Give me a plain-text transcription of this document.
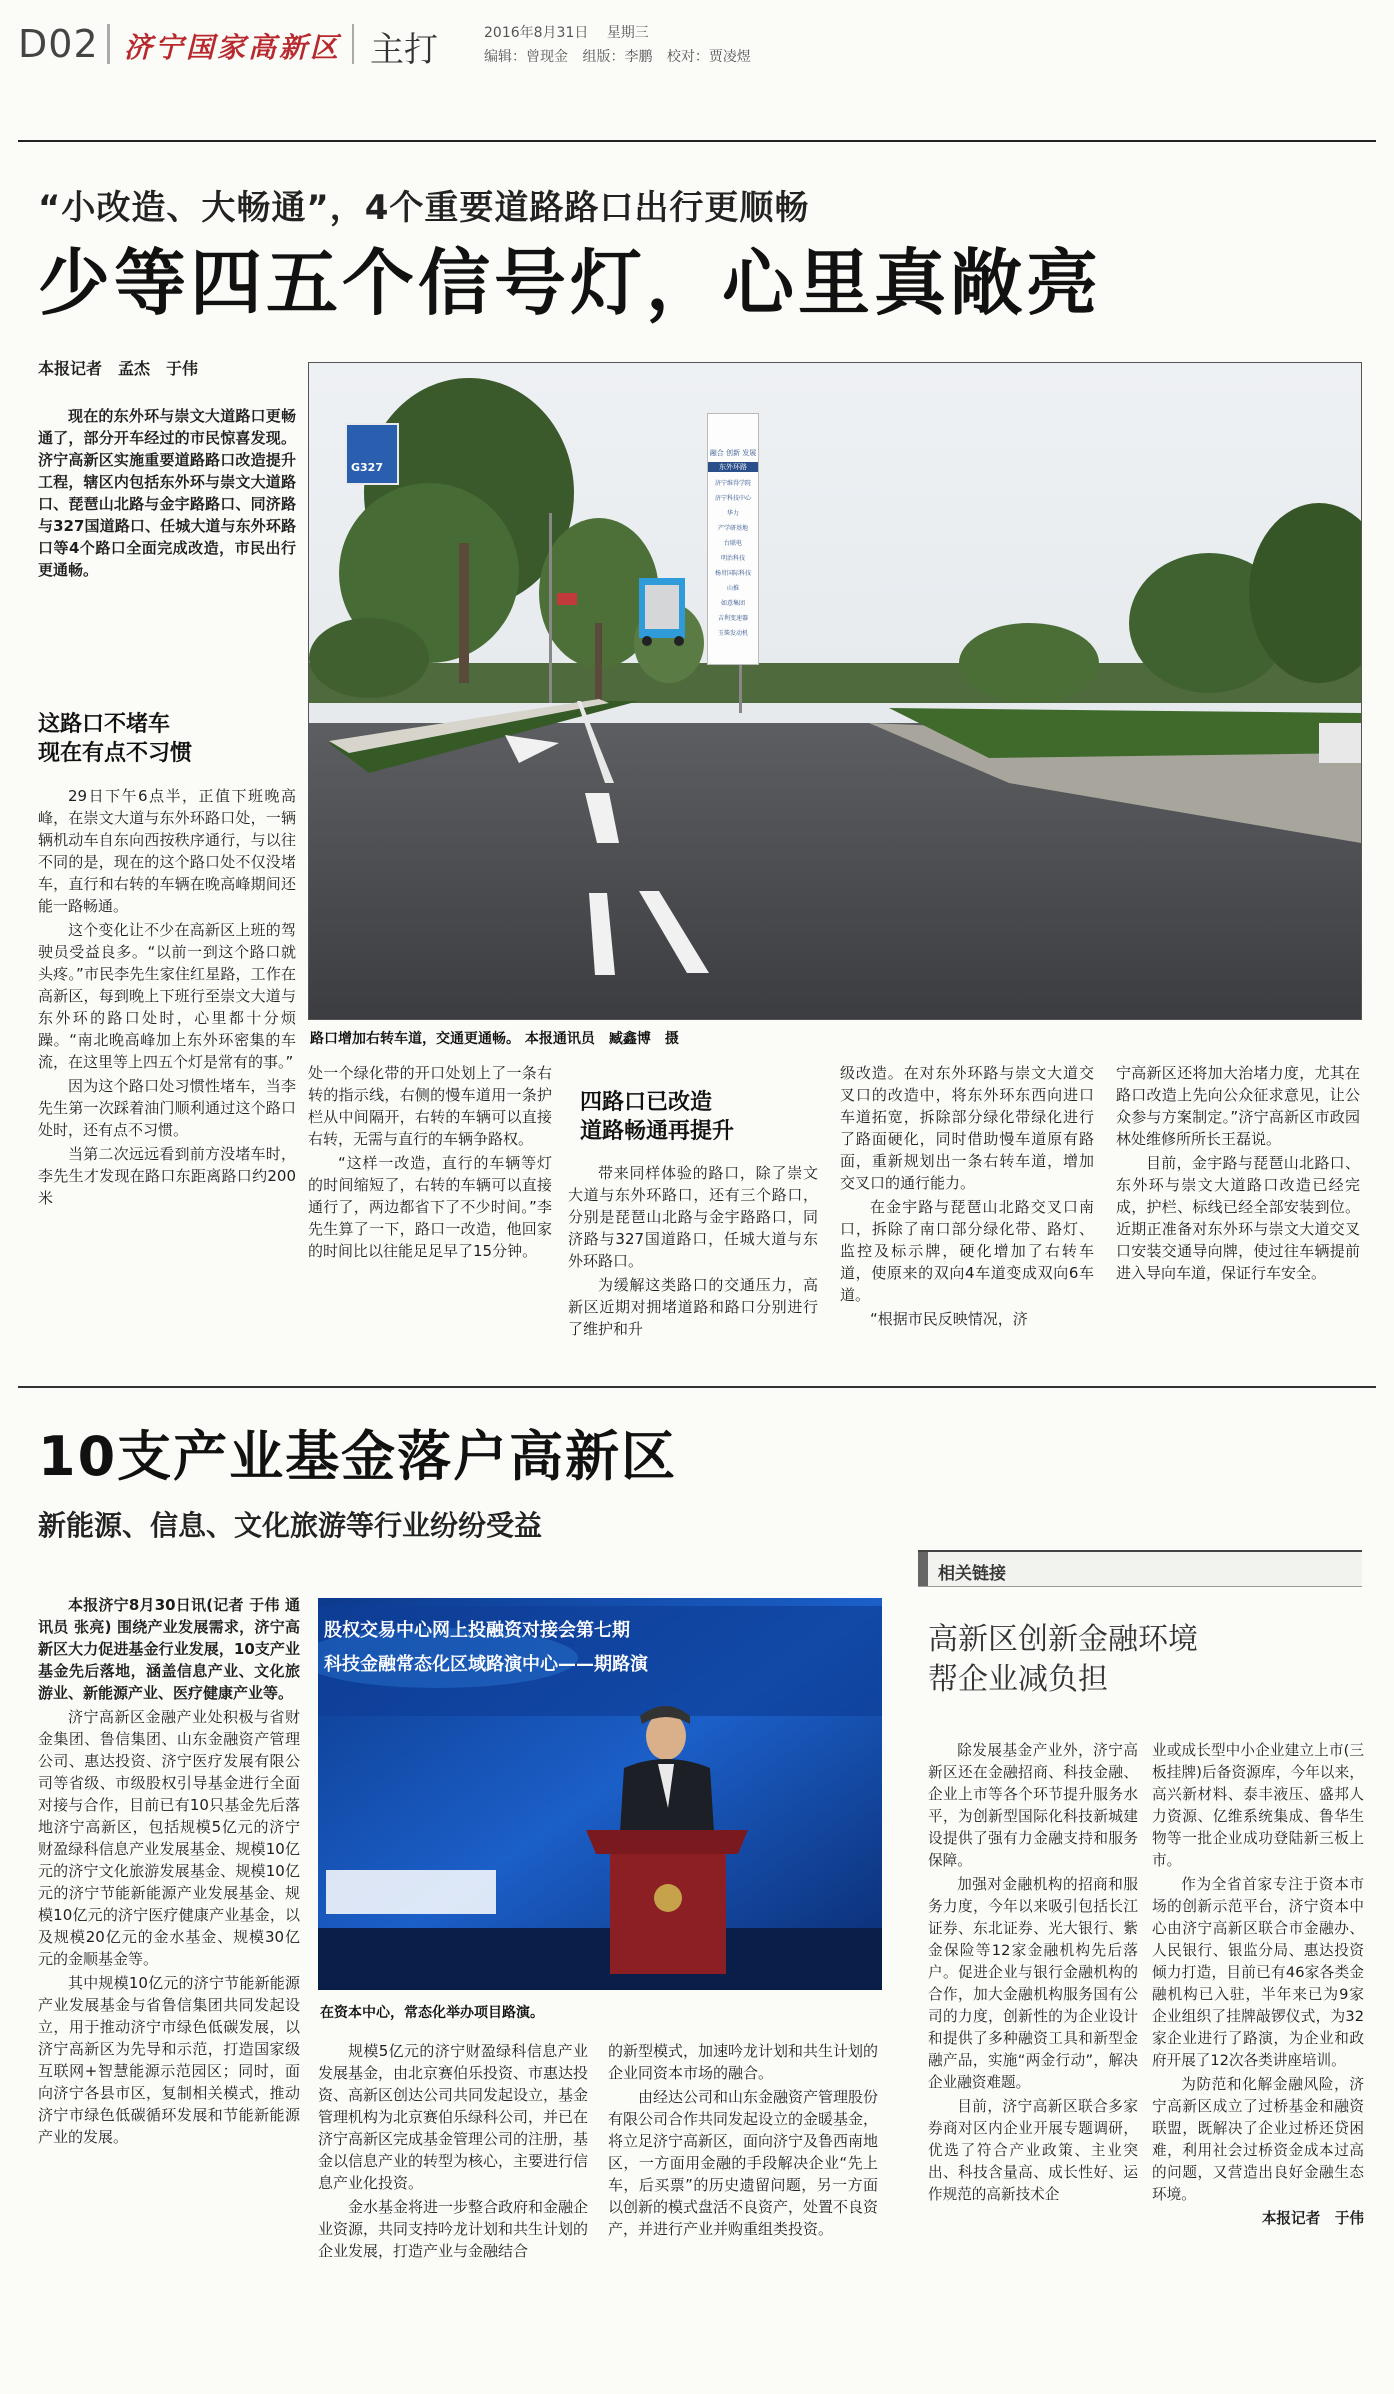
D02 济宁国家高新区 主打	2016年8月31日 星期三
编辑：曾现金 组版：李鹏 校对：贾凌煜
“小改造、大畅通”，4个重要道路路口出行更顺畅
少等四五个信号灯，心里真敞亮
本报记者　孟杰　于伟

现在的东外环与崇文大道路口更畅通了，部分开车经过的市民惊喜发现。济宁高新区实施重要道路路口改造提升工程，辖区内包括东外环与崇文大道路口、琵琶山北路与金宇路路口、同济路与327国道路口、任城大道与东外环路口等4个路口全面完成改造，市民出行更通畅。

这路口不堵车
现在有点不习惯

29日下午6点半，正值下班晚高峰，在崇文大道与东外环路口处，一辆辆机动车自东向西按秩序通行，与以往不同的是，现在的这个路口处不仅没堵车，直行和右转的车辆在晚高峰期间还能一路畅通。

这个变化让不少在高新区上班的驾驶员受益良多。“以前一到这个路口就头疼。”市民李先生家住红星路，工作在高新区，每到晚上下班行至崇文大道与东外环的路口处时，心里都十分烦躁。“南北晚高峰加上东外环密集的车流，在这里等上四五个灯是常有的事。”

因为这个路口处习惯性堵车，当李先生第一次踩着油门顺利通过这个路口处时，还有点不习惯。

当第二次远远看到前方没堵车时，李先生才发现在路口东距离路口约200米

G327
融合 创新 发展
东外环路
济宁维得学院
济宁科技中心
华力
产学研基地
台联电
明治科技
杨卅国际科技
山推
如意集团
吉利变速器
玉柴发动机
路口增加右转车道，交通更通畅。 本报通讯员　臧鑫博　摄

处一个绿化带的开口处划上了一条右转的指示线，右侧的慢车道用一条护栏从中间隔开，右转的车辆可以直接右转，无需与直行的车辆争路权。

“这样一改造，直行的车辆等灯的时间缩短了，右转的车辆可以直接通行了，两边都省下了不少时间。”李先生算了一下，路口一改造，他回家的时间比以往能足足早了15分钟。

四路口已改造
道路畅通再提升

带来同样体验的路口，除了崇文大道与东外环路口，还有三个路口，分别是琵琶山北路与金宇路路口，同济路与327国道路口，任城大道与东外环路口。

为缓解这类路口的交通压力，高新区近期对拥堵道路和路口分别进行了维护和升

级改造。在对东外环路与崇文大道交叉口的改造中，将东外环东西向进口车道拓宽，拆除部分绿化带绿化进行了路面硬化，同时借助慢车道原有路面，重新规划出一条右转车道，增加交叉口的通行能力。

在金宇路与琵琶山北路交叉口南口，拆除了南口部分绿化带、路灯、监控及标示牌，硬化增加了右转车道，使原来的双向4车道变成双向6车道。

“根据市民反映情况，济

宁高新区还将加大治堵力度，尤其在路口改造上先向公众征求意见，让公众参与方案制定。”济宁高新区市政园林处维修所所长王磊说。

目前，金宇路与琵琶山北路口、东外环与崇文大道路口改造已经完成，护栏、标线已经全部安装到位。近期正准备对东外环与崇文大道交叉口安装交通导向牌，使过往车辆提前进入导向车道，保证行车安全。

10支产业基金落户高新区
新能源、信息、文化旅游等行业纷纷受益

本报济宁8月30日讯(记者 于伟 通讯员 张亮) 围绕产业发展需求，济宁高新区大力促进基金行业发展，10支产业基金先后落地，涵盖信息产业、文化旅游业、新能源产业、医疗健康产业等。

济宁高新区金融产业处积极与省财金集团、鲁信集团、山东金融资产管理公司、惠达投资、济宁医疗发展有限公司等省级、市级股权引导基金进行全面对接与合作，目前已有10只基金先后落地济宁高新区，包括规模5亿元的济宁财盈绿科信息产业发展基金、规模10亿元的济宁文化旅游发展基金、规模10亿元的济宁节能新能源产业发展基金、规模10亿元的济宁医疗健康产业基金，以及规模20亿元的金水基金、规模30亿元的金顺基金等。

其中规模10亿元的济宁节能新能源产业发展基金与省鲁信集团共同发起设立，用于推动济宁市绿色低碳发展，以济宁高新区为先导和示范，打造国家级互联网+智慧能源示范园区；同时，面向济宁各县市区，复制相关模式，推动济宁市绿色低碳循环发展和节能新能源产业的发展。

股权交易中心网上投融资对接会第七期
科技金融常态化区域路演中心——期路演
在资本中心，常态化举办项目路演。

规模5亿元的济宁财盈绿科信息产业发展基金，由北京赛伯乐投资、市惠达投资、高新区创达公司共同发起设立，基金管理机构为北京赛伯乐绿科公司，并已在济宁高新区完成基金管理公司的注册，基金以信息产业的转型为核心，主要进行信息产业化投资。

金水基金将进一步整合政府和金融企业资源，共同支持吟龙计划和共生计划的企业发展，打造产业与金融结合

的新型模式，加速吟龙计划和共生计划的企业同资本市场的融合。

由经达公司和山东金融资产管理股份有限公司合作共同发起设立的金暖基金，将立足济宁高新区，面向济宁及鲁西南地区，一方面用金融的手段解决企业“先上车，后买票”的历史遗留问题，另一方面以创新的模式盘活不良资产，处置不良资产，并进行产业并购重组类投资。

相关链接
高新区创新金融环境
帮企业减负担

除发展基金产业外，济宁高新区还在金融招商、科技金融、企业上市等各个环节提升服务水平，为创新型国际化科技新城建设提供了强有力金融支持和服务保障。

加强对金融机构的招商和服务力度，今年以来吸引包括长江证券、东北证券、光大银行、紫金保险等12家金融机构先后落户。促进企业与银行金融机构的合作，加大金融机构服务国有公司的力度，创新性的为企业设计和提供了多种融资工具和新型金融产品，实施“两金行动”，解决企业融资难题。

目前，济宁高新区联合多家券商对区内企业开展专题调研，优选了符合产业政策、主业突出、科技含量高、成长性好、运作规范的高新技术企

业或成长型中小企业建立上市(三板挂牌)后备资源库，今年以来，高兴新材料、泰丰液压、盛邦人力资源、亿维系统集成、鲁华生物等一批企业成功登陆新三板上市。

作为全省首家专注于资本市场的创新示范平台，济宁资本中心由济宁高新区联合市金融办、人民银行、银监分局、惠达投资倾力打造，目前已有46家各类金融机构已入驻，半年来已为9家企业组织了挂牌敲锣仪式，为32家企业进行了路演，为企业和政府开展了12次各类讲座培训。

为防范和化解金融风险，济宁高新区成立了过桥基金和融资联盟，既解决了企业过桥还贷困难，利用社会过桥资金成本过高的问题，又营造出良好金融生态环境。

本报记者　于伟
